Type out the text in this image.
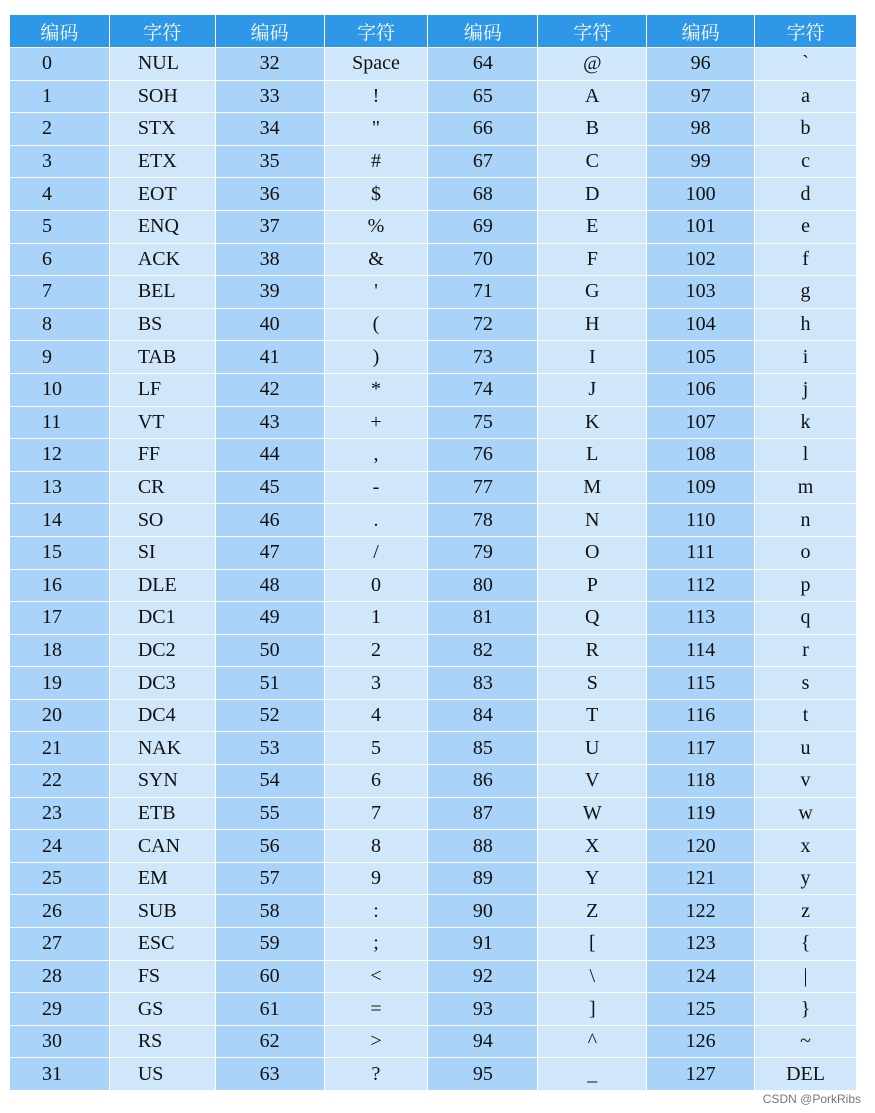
编码	字符	编码	字符	编码	字符	编码	字符
0	NUL	32	Space	64	@	96	`
1	SOH	33	!	65	A	97	a
2	STX	34	"	66	B	98	b
3	ETX	35	#	67	C	99	c
4	EOT	36	$	68	D	100	d
5	ENQ	37	%	69	E	101	e
6	ACK	38	&	70	F	102	f
7	BEL	39	'	71	G	103	g
8	BS	40	(	72	H	104	h
9	TAB	41	)	73	I	105	i
10	LF	42	*	74	J	106	j
11	VT	43	+	75	K	107	k
12	FF	44	,	76	L	108	l
13	CR	45	-	77	M	109	m
14	SO	46	.	78	N	110	n
15	SI	47	/	79	O	111	o
16	DLE	48	0	80	P	112	p
17	DC1	49	1	81	Q	113	q
18	DC2	50	2	82	R	114	r
19	DC3	51	3	83	S	115	s
20	DC4	52	4	84	T	116	t
21	NAK	53	5	85	U	117	u
22	SYN	54	6	86	V	118	v
23	ETB	55	7	87	W	119	w
24	CAN	56	8	88	X	120	x
25	EM	57	9	89	Y	121	y
26	SUB	58	:	90	Z	122	z
27	ESC	59	;	91	[	123	{
28	FS	60	<	92	\	124	|
29	GS	61	=	93	]	125	}
30	RS	62	>	94	^	126	~
31	US	63	?	95	_	127	DEL
CSDN @PorkRibs
